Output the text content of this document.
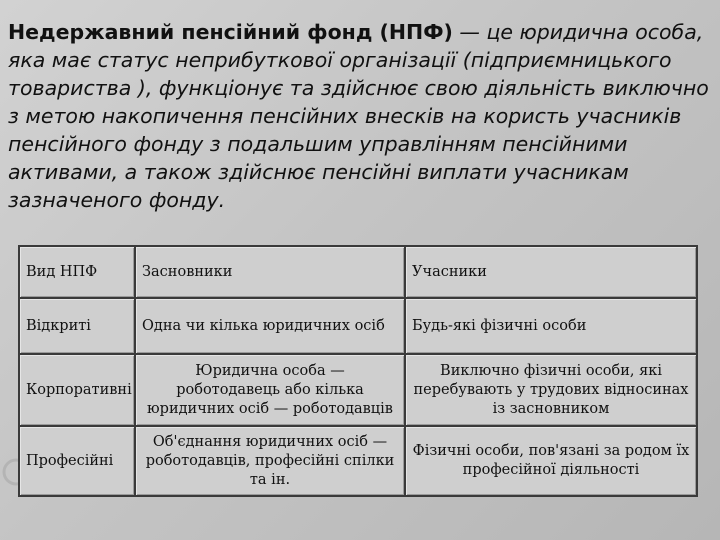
Недержавний пенсійний фонд (НПФ) — це юридична особа, яка має статус неприбуткової організації (підприємницького товариства ), функціонує та здійснює свою діяльність виключно з метою накопичення пенсійних внесків на користь учасників пенсійного фонду з подальшим управлінням пенсійними активами, а також здійснює пенсійні виплати учасникам зазначеного фонду.
Вид НПФ	Засновники	Учасники
Відкриті	Одна чи кілька юридичних осіб	Будь-які фізичні особи
Корпоративні	Юридична особа — роботодавець або кілька юридичних осіб — роботодавців	Виключно фізичні особи, які перебувають у трудових відносинах із засновником
Професійні	Об'єднання юридичних осіб — роботодавців, професійні спілки та ін.	Фізичні особи, пов'язані за родом їх професійної діяльності
